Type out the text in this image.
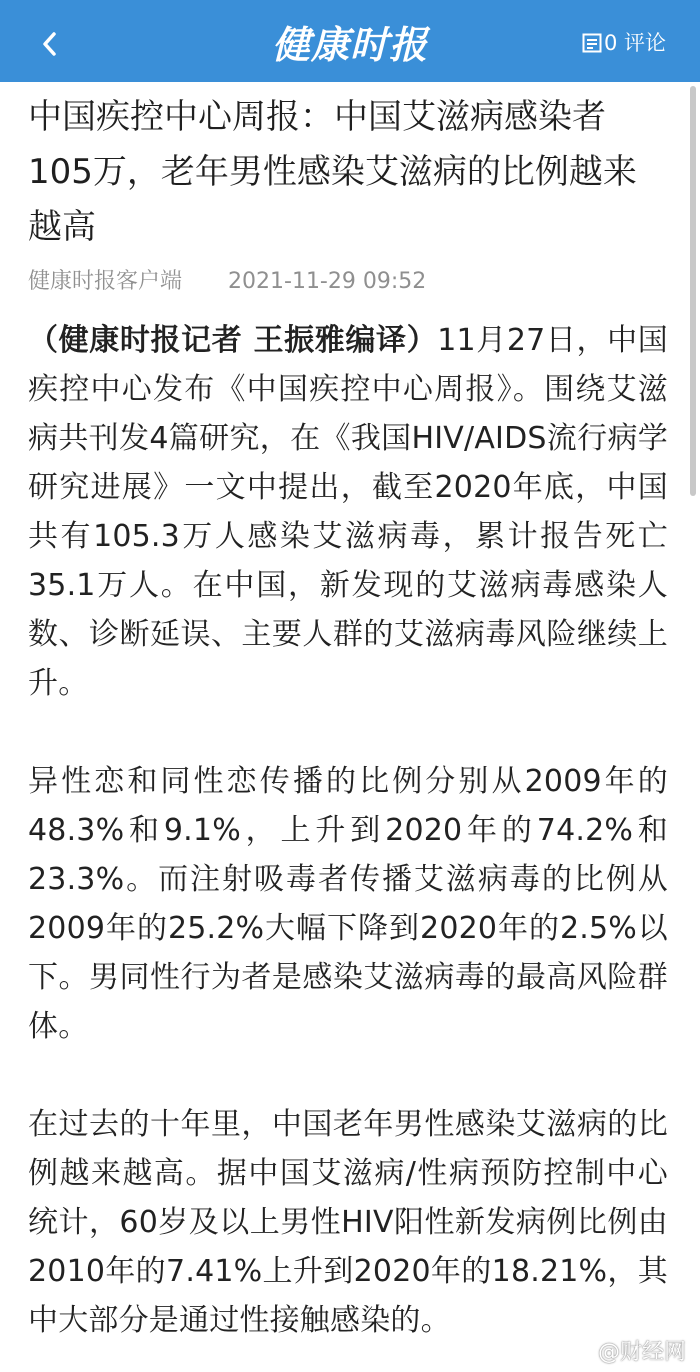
健康时报	0 评论
中国疾控中心周报：中国艾滋病感染者105万，老年男性感染艾滋病的比例越来越高
健康时报客户端 2021-11-29 09:52

（健康时报记者 王振雅编译）11月27日，中国疾控中心发布《中国疾控中心周报》。围绕艾滋病共刊发4篇研究，在《我国HIV/AIDS流行病学研究进展》一文中提出，截至2020年底，中国共有105.3万人感染艾滋病毒，累计报告死亡35.1万人。在中国，新发现的艾滋病毒感染人数、诊断延误、主要人群的艾滋病毒风险继续上升。

异性恋和同性恋传播的比例分别从2009年的48.3%和9.1%，上升到2020年的74.2%和23.3%。而注射吸毒者传播艾滋病毒的比例从2009年的25.2%大幅下降到2020年的2.5%以下。男同性行为者是感染艾滋病毒的最高风险群体。

在过去的十年里，中国老年男性感染艾滋病的比例越来越高。据中国艾滋病/性病预防控制中心统计，60岁及以上男性HIV阳性新发病例比例由2010年的7.41%上升到2020年的18.21%，其中大部分是通过性接触感染的。

@财经网
